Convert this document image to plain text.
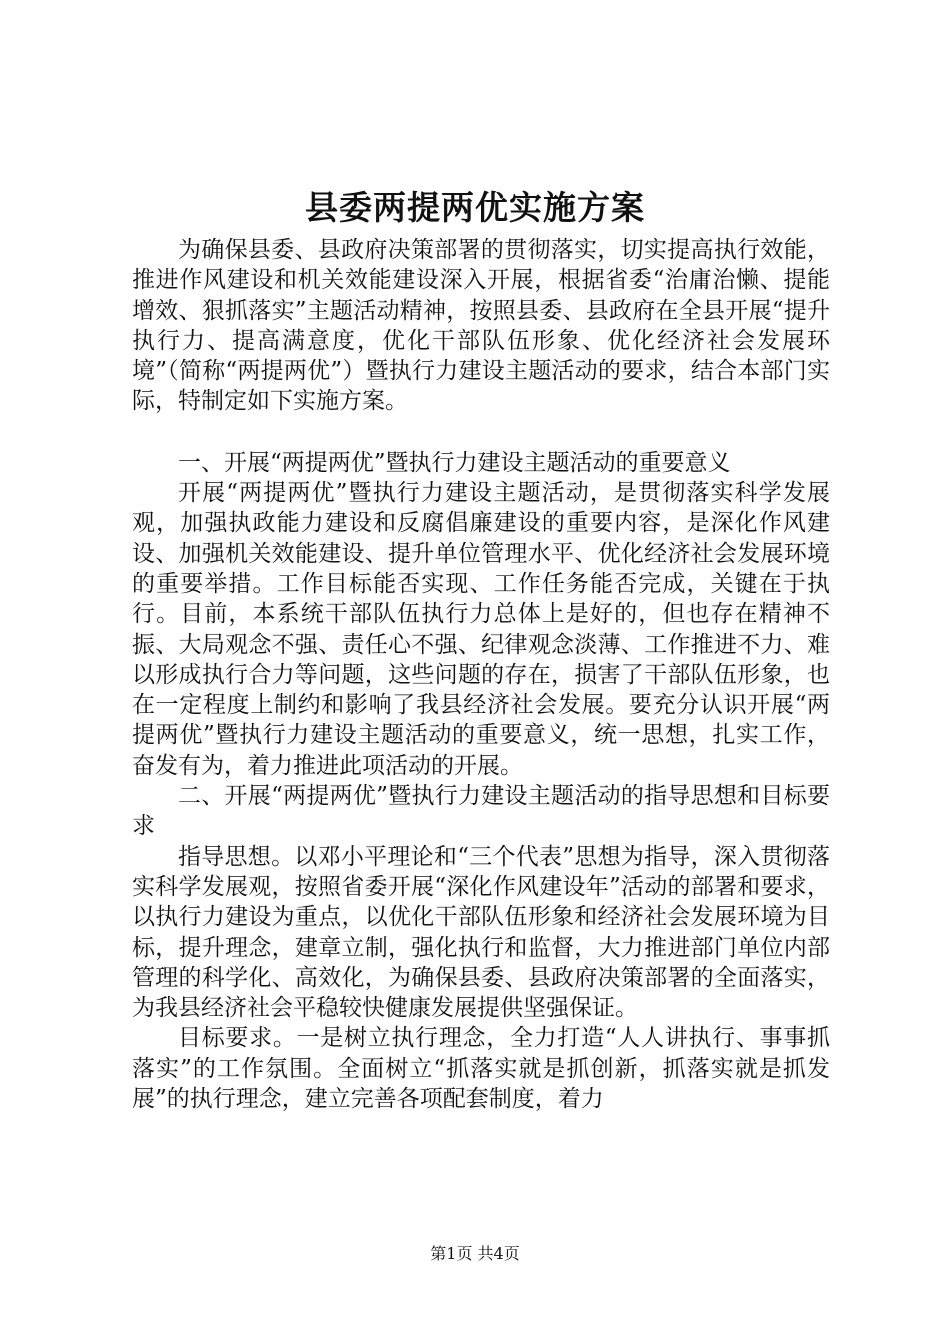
县委两提两优实施方案

为确保县委、县政府决策部署的贯彻落实，切实提高执行效能，推进作风建设和机关效能建设深入开展，根据省委“治庸治懒、提能增效、狠抓落实”主题活动精神，按照县委、县政府在全县开展“提升执行力、提高满意度，优化干部队伍形象、优化经济社会发展环境”（简称“两提两优”）暨执行力建设主题活动的要求，结合本部门实际，特制定如下实施方案。

一、开展“两提两优”暨执行力建设主题活动的重要意义

开展“两提两优”暨执行力建设主题活动，是贯彻落实科学发展观，加强执政能力建设和反腐倡廉建设的重要内容，是深化作风建设、加强机关效能建设、提升单位管理水平、优化经济社会发展环境的重要举措。工作目标能否实现、工作任务能否完成，关键在于执行。目前，本系统干部队伍执行力总体上是好的，但也存在精神不振、大局观念不强、责任心不强、纪律观念淡薄、工作推进不力、难以形成执行合力等问题，这些问题的存在，损害了干部队伍形象，也在一定程度上制约和影响了我县经济社会发展。要充分认识开展“两提两优”暨执行力建设主题活动的重要意义，统一思想，扎实工作，奋发有为，着力推进此项活动的开展。

二、开展“两提两优”暨执行力建设主题活动的指导思想和目标要求

指导思想。以邓小平理论和“三个代表”思想为指导，深入贯彻落实科学发展观，按照省委开展“深化作风建设年”活动的部署和要求，以执行力建设为重点，以优化干部队伍形象和经济社会发展环境为目标，提升理念，建章立制，强化执行和监督，大力推进部门单位内部管理的科学化、高效化，为确保县委、县政府决策部署的全面落实，为我县经济社会平稳较快健康发展提供坚强保证。

目标要求。一是树立执行理念，全力打造“人人讲执行、事事抓落实”的工作氛围。全面树立“抓落实就是抓创新，抓落实就是抓发展”的执行理念，建立完善各项配套制度，着力

第1页 共4页
